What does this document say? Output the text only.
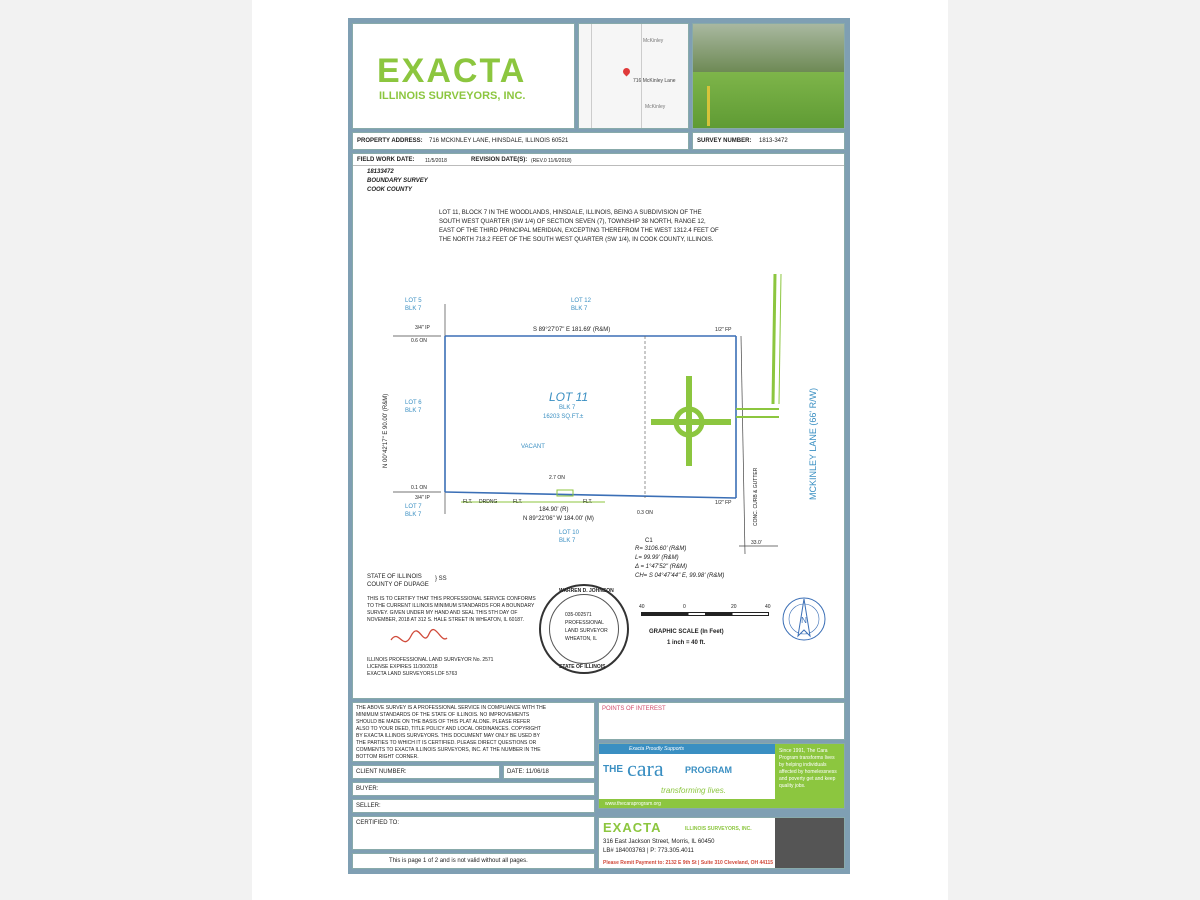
EXACTA
ILLINOIS SURVEYORS, INC.
McKinley
McKinley
716 McKinley Lane
PROPERTY ADDRESS: 716 MCKINLEY LANE, HINSDALE, ILLINOIS 60521	SURVEY NUMBER: 1813-3472
FIELD WORK DATE: 11/5/2018	REVISION DATE(S): (REV.0 11/6/2018)
18133472
BOUNDARY SURVEY
COOK COUNTY
LOT 11, BLOCK 7 IN THE WOODLANDS, HINSDALE, ILLINOIS, BEING A SUBDIVISION OF THE
SOUTH WEST QUARTER (SW 1/4) OF SECTION SEVEN (7), TOWNSHIP 38 NORTH, RANGE 12,
EAST OF THE THIRD PRINCIPAL MERIDIAN, EXCEPTING THEREFROM THE WEST 1312.4 FEET OF
THE NORTH 718.2 FEET OF THE SOUTH WEST QUARTER (SW 1/4), IN COOK COUNTY, ILLINOIS.
LOT 5
BLK 7
LOT 12
BLK 7
LOT 6
BLK 7
LOT 7
BLK 7
LOT 10
BLK 7
LOT 11
BLK 7
16203 SQ.FT.±
VACANT
S 89°27'07" E 181.69' (R&M)
184.90' (R)
N 89°22'06" W 184.00' (M)
N 00°42'17" E 90.00' (R&M)	MCKINLEY LANE (66' R/W)
CONC. CURB & GUTTER
3/4" IP	1/2" FP
3/4" IP
1/2" FP
0.6 ON
0.1 ON
2.7 ON
0.3 ON
FLT. DRDNG	FLT.	FLT.
33.0'
C1
R= 3106.60' (R&M)
L= 99.99' (R&M)
Δ = 1°47'52" (R&M)
CH= S 04°47'44" E, 99.98' (R&M)
STATE OF ILLINOIS
COUNTY OF DUPAGE
} SS
THIS IS TO CERTIFY THAT THIS PROFESSIONAL SERVICE CONFORMS
TO THE CURRENT ILLINOIS MINIMUM STANDARDS FOR A BOUNDARY
SURVEY. GIVEN UNDER MY HAND AND SEAL THIS 5TH DAY OF
NOVEMBER, 2018 AT 312 S. HALE STREET IN WHEATON, IL 60187.
ILLINOIS PROFESSIONAL LAND SURVEYOR No. 2571
LICENSE EXPIRES 11/30/2018
EXACTA LAND SURVEYORS LDF 5763
WARREN D. JOHNSON
STATE OF ILLINOIS
035-002571
PROFESSIONAL
LAND SURVEYOR
WHEATON, IL
40	0	20	40
GRAPHIC SCALE (In Feet)
1 inch = 40 ft.
N
THE ABOVE SURVEY IS A PROFESSIONAL SERVICE IN COMPLIANCE WITH THE
MINIMUM STANDARDS OF THE STATE OF ILLINOIS. NO IMPROVEMENTS
SHOULD BE MADE ON THE BASIS OF THIS PLAT ALONE. PLEASE REFER
ALSO TO YOUR DEED, TITLE POLICY AND LOCAL ORDINANCES. COPYRIGHT
BY EXACTA ILLINOIS SURVEYORS. THIS DOCUMENT MAY ONLY BE USED BY
THE PARTIES TO WHICH IT IS CERTIFIED. PLEASE DIRECT QUESTIONS OR
COMMENTS TO EXACTA ILLINOIS SURVEYORS, INC. AT THE NUMBER IN THE
BOTTOM RIGHT CORNER.
POINTS OF INTEREST
Exacta Proudly Supports
THE cara PROGRAM
transforming lives.
www.thecaraprogram.org
Since 1991, The Cara Program transforms lives by helping individuals affected by homelessness and poverty get and keep quality jobs.
CLIENT NUMBER:	DATE: 11/06/18
BUYER:
SELLER:
CERTIFIED TO:
This is page 1 of 2 and is not valid without all pages.
EXACTA	ILLINOIS SURVEYORS, INC.
316 East Jackson Street, Morris, IL 60450
LB# 184003763 | P: 773.305.4011
Please Remit Payment to: 2132 E 9th St | Suite 310 Cleveland, OH 44115
